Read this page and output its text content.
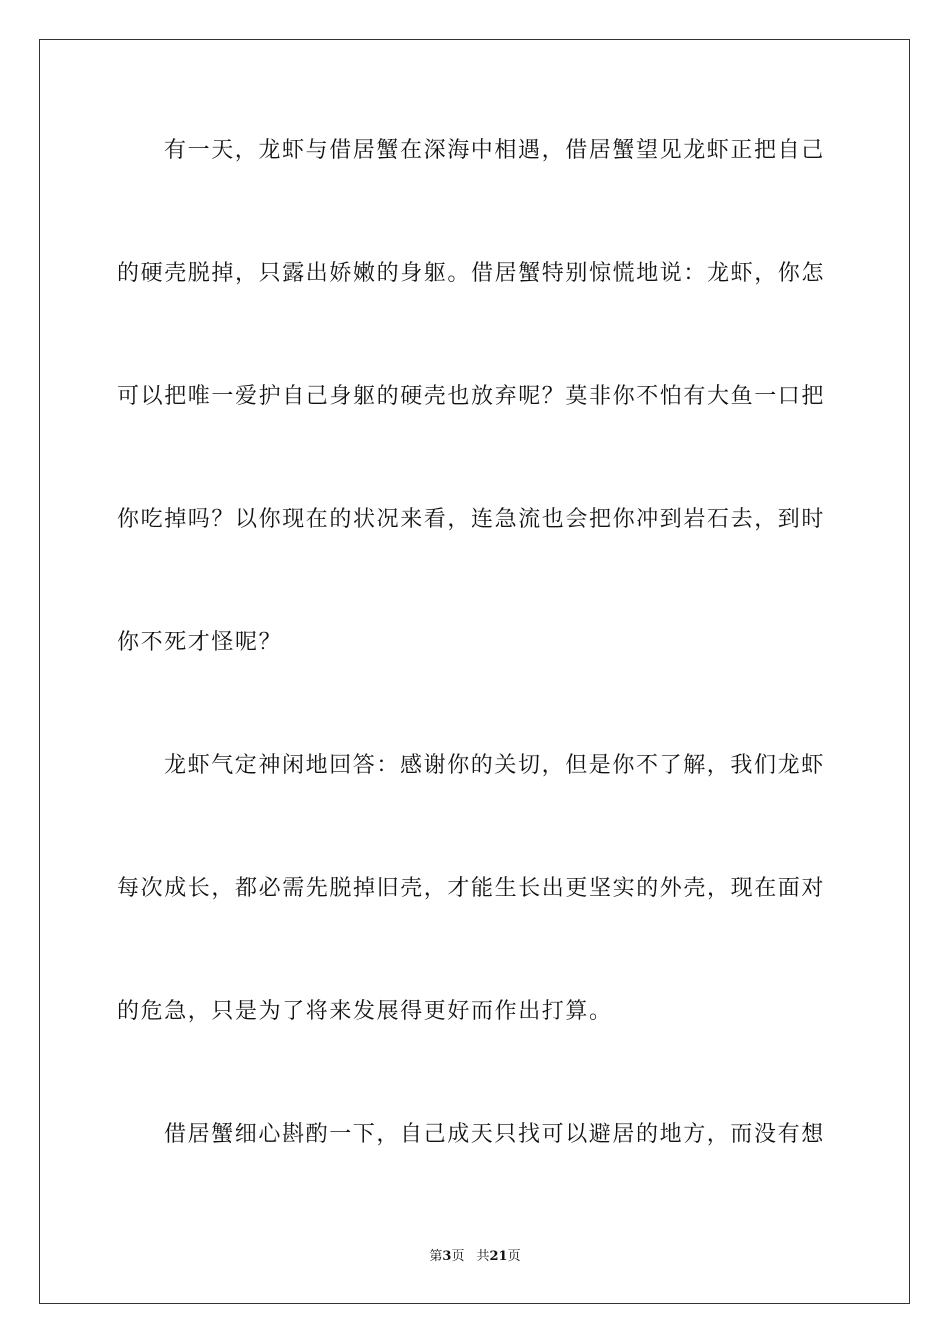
有一天，龙虾与借居蟹在深海中相遇，借居蟹望见龙虾正把自己
的硬壳脱掉，只露出娇嫩的身躯。借居蟹特别惊慌地说：龙虾，你怎
可以把唯一爱护自己身躯的硬壳也放弃呢？莫非你不怕有大鱼一口把
你吃掉吗？以你现在的状况来看，连急流也会把你冲到岩石去，到时
你不死才怪呢？
龙虾气定神闲地回答：感谢你的关切，但是你不了解，我们龙虾
每次成长，都必需先脱掉旧壳，才能生长出更坚实的外壳，现在面对
的危急，只是为了将来发展得更好而作出打算。
借居蟹细心斟酌一下，自己成天只找可以避居的地方，而没有想
第3页 共21页
